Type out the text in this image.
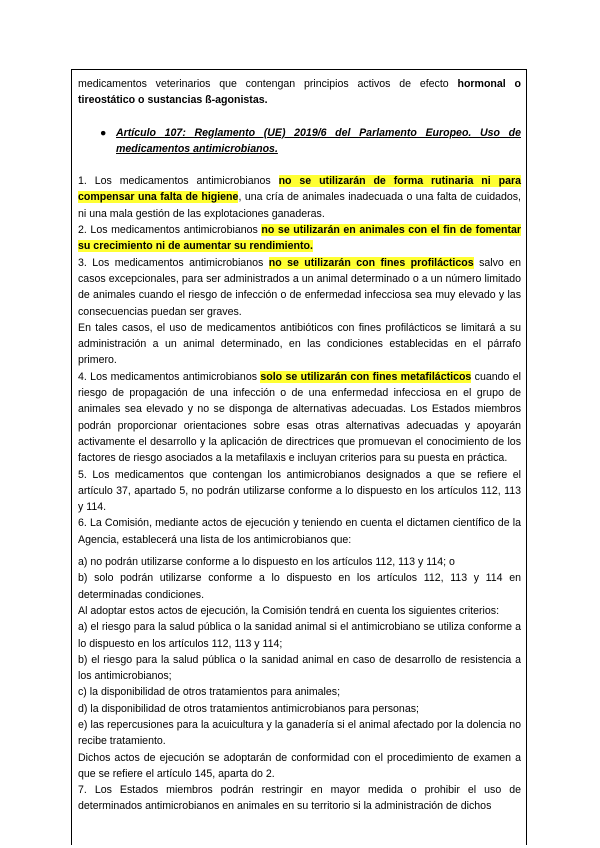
medicamentos veterinarios que contengan principios activos de efecto hormonal o tireostático o sustancias ß-agonistas.

● Artículo 107: Reglamento (UE) 2019/6 del Parlamento Europeo. Uso de medicamentos antimicrobianos.

1. Los medicamentos antimicrobianos no se utilizarán de forma rutinaria ni para compensar una falta de higiene, una cría de animales inadecuada o una falta de cuidados, ni una mala gestión de las explotaciones ganaderas.

2. Los medicamentos antimicrobianos no se utilizarán en animales con el fin de fomentar su crecimiento ni de aumentar su rendimiento.

3. Los medicamentos antimicrobianos no se utilizarán con fines profilácticos salvo en casos excepcionales, para ser administrados a un animal determinado o a un número limitado de animales cuando el riesgo de infección o de enfermedad infecciosa sea muy elevado y las consecuencias puedan ser graves.

En tales casos, el uso de medicamentos antibióticos con fines profilácticos se limitará a su administración a un animal determinado, en las condiciones establecidas en el párrafo primero.

4. Los medicamentos antimicrobianos solo se utilizarán con fines metafilácticos cuando el riesgo de propagación de una infección o de una enfermedad infecciosa en el grupo de animales sea elevado y no se disponga de alternativas adecuadas. Los Estados miembros podrán proporcionar orientaciones sobre esas otras alternativas adecuadas y apoyarán activamente el desarrollo y la aplicación de directrices que promuevan el conocimiento de los factores de riesgo asociados a la metafilaxis e incluyan criterios para su puesta en práctica.

5. Los medicamentos que contengan los antimicrobianos designados a que se refiere el artículo 37, apartado 5, no podrán utilizarse conforme a lo dispuesto en los artículos 112, 113 y 114.

6. La Comisión, mediante actos de ejecución y teniendo en cuenta el dictamen científico de la Agencia, establecerá una lista de los antimicrobianos que:

a) no podrán utilizarse conforme a lo dispuesto en los artículos 112, 113 y 114; o

b) solo podrán utilizarse conforme a lo dispuesto en los artículos 112, 113 y 114 en determinadas condiciones.

Al adoptar estos actos de ejecución, la Comisión tendrá en cuenta los siguientes criterios:

a) el riesgo para la salud pública o la sanidad animal si el antimicrobiano se utiliza conforme a lo dispuesto en los artículos 112, 113 y 114;

b) el riesgo para la salud pública o la sanidad animal en caso de desarrollo de resistencia a los antimicrobianos;

c) la disponibilidad de otros tratamientos para animales;

d) la disponibilidad de otros tratamientos antimicrobianos para personas;

e) las repercusiones para la acuicultura y la ganadería si el animal afectado por la dolencia no recibe tratamiento.

Dichos actos de ejecución se adoptarán de conformidad con el procedimiento de examen a que se refiere el artículo 145, aparta do 2.

7. Los Estados miembros podrán restringir en mayor medida o prohibir el uso de determinados antimicrobianos en animales en su territorio si la administración de dichos
